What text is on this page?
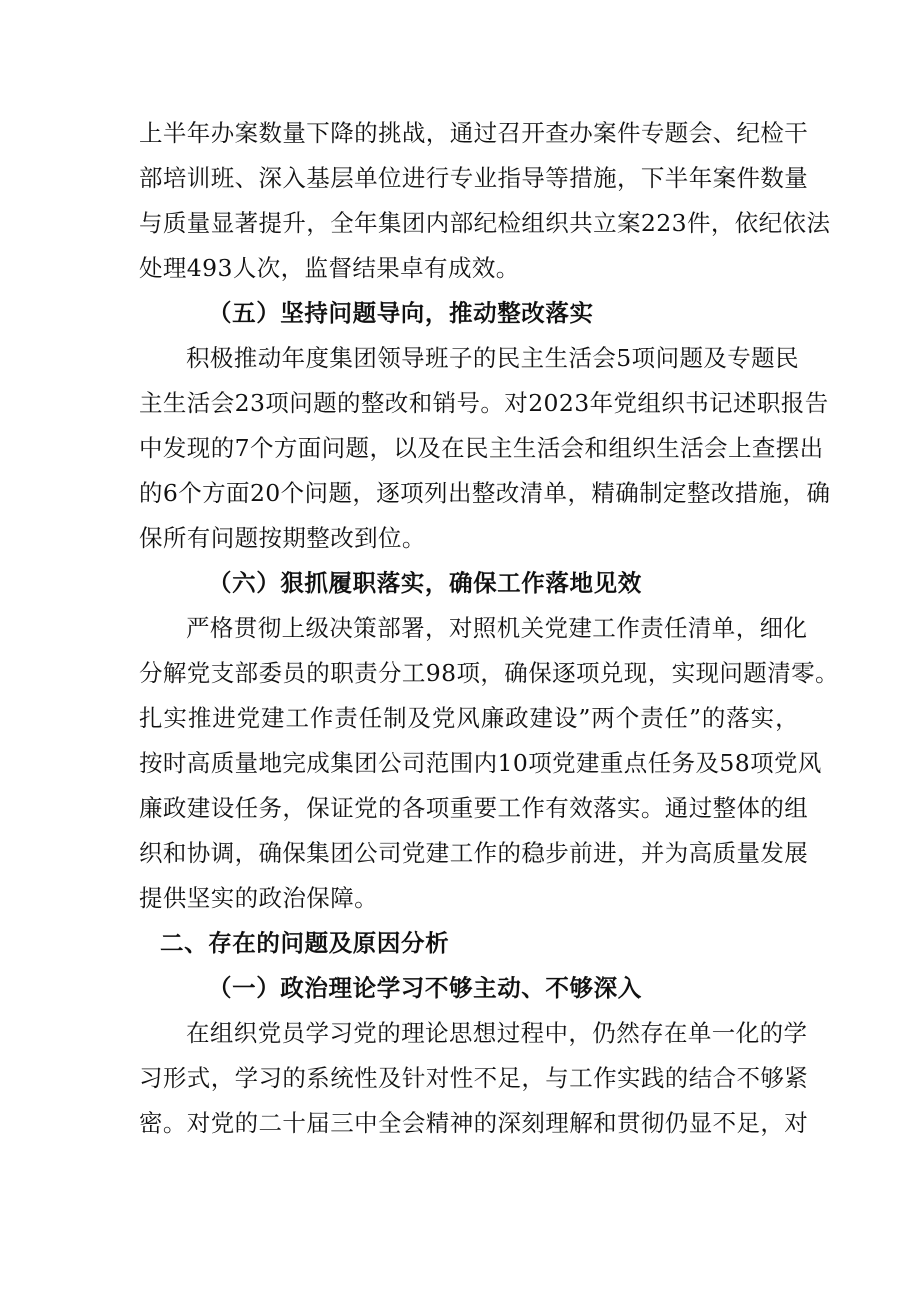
上半年办案数量下降的挑战，通过召开查办案件专题会、纪检干
部培训班、深入基层单位进行专业指导等措施，下半年案件数量
与质量显著提升，全年集团内部纪检组织共立案223件，依纪依法
处理493人次，监督结果卓有成效。
（五）坚持问题导向，推动整改落实
积极推动年度集团领导班子的民主生活会5项问题及专题民
主生活会23项问题的整改和销号。对2023年党组织书记述职报告
中发现的7个方面问题，以及在民主生活会和组织生活会上查摆出
的6个方面20个问题，逐项列出整改清单，精确制定整改措施，确
保所有问题按期整改到位。
（六）狠抓履职落实，确保工作落地见效
严格贯彻上级决策部署，对照机关党建工作责任清单，细化
分解党支部委员的职责分工98项，确保逐项兑现，实现问题清零。
扎实推进党建工作责任制及党风廉政建设”两个责任”的落实，
按时高质量地完成集团公司范围内10项党建重点任务及58项党风
廉政建设任务，保证党的各项重要工作有效落实。通过整体的组
织和协调，确保集团公司党建工作的稳步前进，并为高质量发展
提供坚实的政治保障。
二、存在的问题及原因分析
（一）政治理论学习不够主动、不够深入
在组织党员学习党的理论思想过程中，仍然存在单一化的学
习形式，学习的系统性及针对性不足，与工作实践的结合不够紧
密。对党的二十届三中全会精神的深刻理解和贯彻仍显不足，对
